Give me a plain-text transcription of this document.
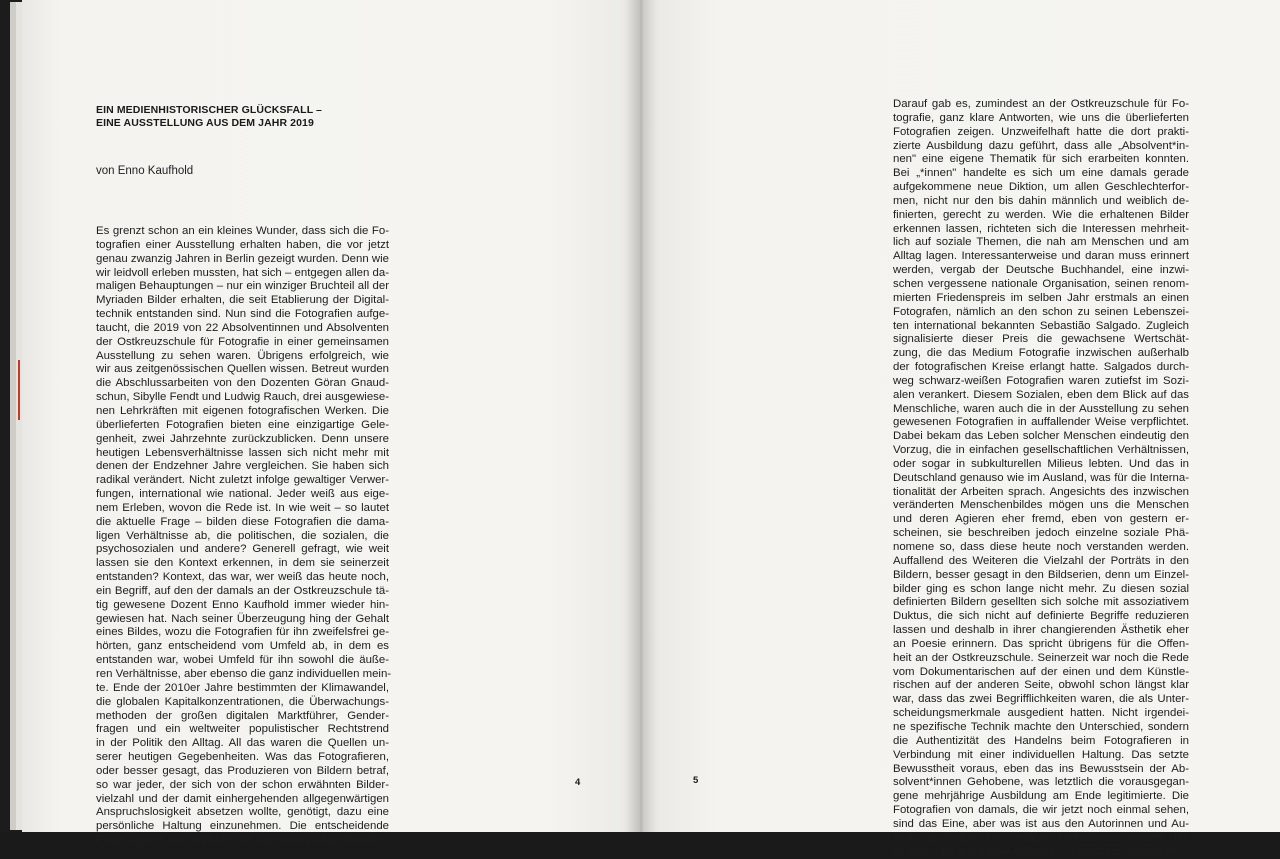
EIN MEDIENHISTORISCHER GLÜCKSFALL –
EINE AUSSTELLUNG AUS DEM JAHR 2019
von Enno Kaufhold
Es grenzt schon an ein kleines Wunder, dass sich die Fo-
tografien einer Ausstellung erhalten haben, die vor jetzt
genau zwanzig Jahren in Berlin gezeigt wurden. Denn wie
wir leidvoll erleben mussten, hat sich – entgegen allen da-
maligen Behauptungen – nur ein winziger Bruchteil all der
Myriaden Bilder erhalten, die seit Etablierung der Digital-
technik entstanden sind. Nun sind die Fotografien aufge-
taucht, die 2019 von 22 Absolventinnen und Absolventen
der Ostkreuzschule für Fotografie in einer gemeinsamen
Ausstellung zu sehen waren. Übrigens erfolgreich, wie
wir aus zeitgenössischen Quellen wissen. Betreut wurden
die Abschlussarbeiten von den Dozenten Göran Gnaud-
schun, Sibylle Fendt und Ludwig Rauch, drei ausgewiese-
nen Lehrkräften mit eigenen fotografischen Werken. Die
überlieferten Fotografien bieten eine einzigartige Gele-
genheit, zwei Jahrzehnte zurückzublicken. Denn unsere
heutigen Lebensverhältnisse lassen sich nicht mehr mit
denen der Endzehner Jahre vergleichen. Sie haben sich
radikal verändert. Nicht zuletzt infolge gewaltiger Verwer-
fungen, international wie national. Jeder weiß aus eige-
nem Erleben, wovon die Rede ist. In wie weit – so lautet
die aktuelle Frage – bilden diese Fotografien die dama-
ligen Verhältnisse ab, die politischen, die sozialen, die
psychosozialen und andere? Generell gefragt, wie weit
lassen sie den Kontext erkennen, in dem sie seinerzeit
entstanden? Kontext, das war, wer weiß das heute noch,
ein Begriff, auf den der damals an der Ostkreuzschule tä-
tig gewesene Dozent Enno Kaufhold immer wieder hin-
gewiesen hat. Nach seiner Überzeugung hing der Gehalt
eines Bildes, wozu die Fotografien für ihn zweifelsfrei ge-
hörten, ganz entscheidend vom Umfeld ab, in dem es
entstanden war, wobei Umfeld für ihn sowohl die äuße-
ren Verhältnisse, aber ebenso die ganz individuellen mein-
te. Ende der 2010er Jahre bestimmten der Klimawandel,
die globalen Kapitalkonzentrationen, die Überwachungs-
methoden der großen digitalen Marktführer, Gender-
fragen und ein weltweiter populistischer Rechtstrend
in der Politik den Alltag. All das waren die Quellen un-
serer heutigen Gegebenheiten. Was das Fotografieren,
oder besser gesagt, das Produzieren von Bildern betraf,
so war jeder, der sich von der schon erwähnten Bilder-
vielzahl und der damit einhergehenden allgegenwärtigen
Anspruchslosigkeit absetzen wollte, genötigt, dazu eine
persönliche Haltung einzunehmen. Die entscheidende
Frage lautete, was kann ich als Individuum dagegenhalten?
Darauf gab es, zumindest an der Ostkreuzschule für Fo-
tografie, ganz klare Antworten, wie uns die überlieferten
Fotografien zeigen. Unzweifelhaft hatte die dort prakti-
zierte Ausbildung dazu geführt, dass alle „Absolvent*in-
nen" eine eigene Thematik für sich erarbeiten konnten.
Bei „*innen" handelte es sich um eine damals gerade
aufgekommene neue Diktion, um allen Geschlechterfor-
men, nicht nur den bis dahin männlich und weiblich de-
finierten, gerecht zu werden. Wie die erhaltenen Bilder
erkennen lassen, richteten sich die Interessen mehrheit-
lich auf soziale Themen, die nah am Menschen und am
Alltag lagen. Interessanterweise und daran muss erinnert
werden, vergab der Deutsche Buchhandel, eine inzwi-
schen vergessene nationale Organisation, seinen renom-
mierten Friedenspreis im selben Jahr erstmals an einen
Fotografen, nämlich an den schon zu seinen Lebenszei-
ten international bekannten Sebastião Salgado. Zugleich
signalisierte dieser Preis die gewachsene Wertschät-
zung, die das Medium Fotografie inzwischen außerhalb
der fotografischen Kreise erlangt hatte. Salgados durch-
weg schwarz-weißen Fotografien waren zutiefst im Sozi-
alen verankert. Diesem Sozialen, eben dem Blick auf das
Menschliche, waren auch die in der Ausstellung zu sehen
gewesenen Fotografien in auffallender Weise verpflichtet.
Dabei bekam das Leben solcher Menschen eindeutig den
Vorzug, die in einfachen gesellschaftlichen Verhältnissen,
oder sogar in subkulturellen Milieus lebten. Und das in
Deutschland genauso wie im Ausland, was für die Interna-
tionalität der Arbeiten sprach. Angesichts des inzwischen
veränderten Menschenbildes mögen uns die Menschen
und deren Agieren eher fremd, eben von gestern er-
scheinen, sie beschreiben jedoch einzelne soziale Phä-
nomene so, dass diese heute noch verstanden werden.
Auffallend des Weiteren die Vielzahl der Porträts in den
Bildern, besser gesagt in den Bildserien, denn um Einzel-
bilder ging es schon lange nicht mehr. Zu diesen sozial
definierten Bildern gesellten sich solche mit assoziativem
Duktus, die sich nicht auf definierte Begriffe reduzieren
lassen und deshalb in ihrer changierenden Ästhetik eher
an Poesie erinnern. Das spricht übrigens für die Offen-
heit an der Ostkreuzschule. Seinerzeit war noch die Rede
vom Dokumentarischen auf der einen und dem Künstle-
rischen auf der anderen Seite, obwohl schon längst klar
war, dass das zwei Begrifflichkeiten waren, die als Unter-
scheidungsmerkmale ausgedient hatten. Nicht irgendei-
ne spezifische Technik machte den Unterschied, sondern
die Authentizität des Handelns beim Fotografieren in
Verbindung mit einer individuellen Haltung. Das setzte
Bewusstheit voraus, eben das ins Bewusstsein der Ab-
solvent*innen Gehobene, was letztlich die vorausgegan-
gene mehrjährige Ausbildung am Ende legitimierte. Die
Fotografien von damals, die wir jetzt noch einmal sehen,
sind das Eine, aber was ist aus den Autorinnen und Au-
toren geworden? Dazu müsste recherchiert werden, das
ist aber eine zukünftige Aufgabe. – Lea-Anton Schreiber
4	5
